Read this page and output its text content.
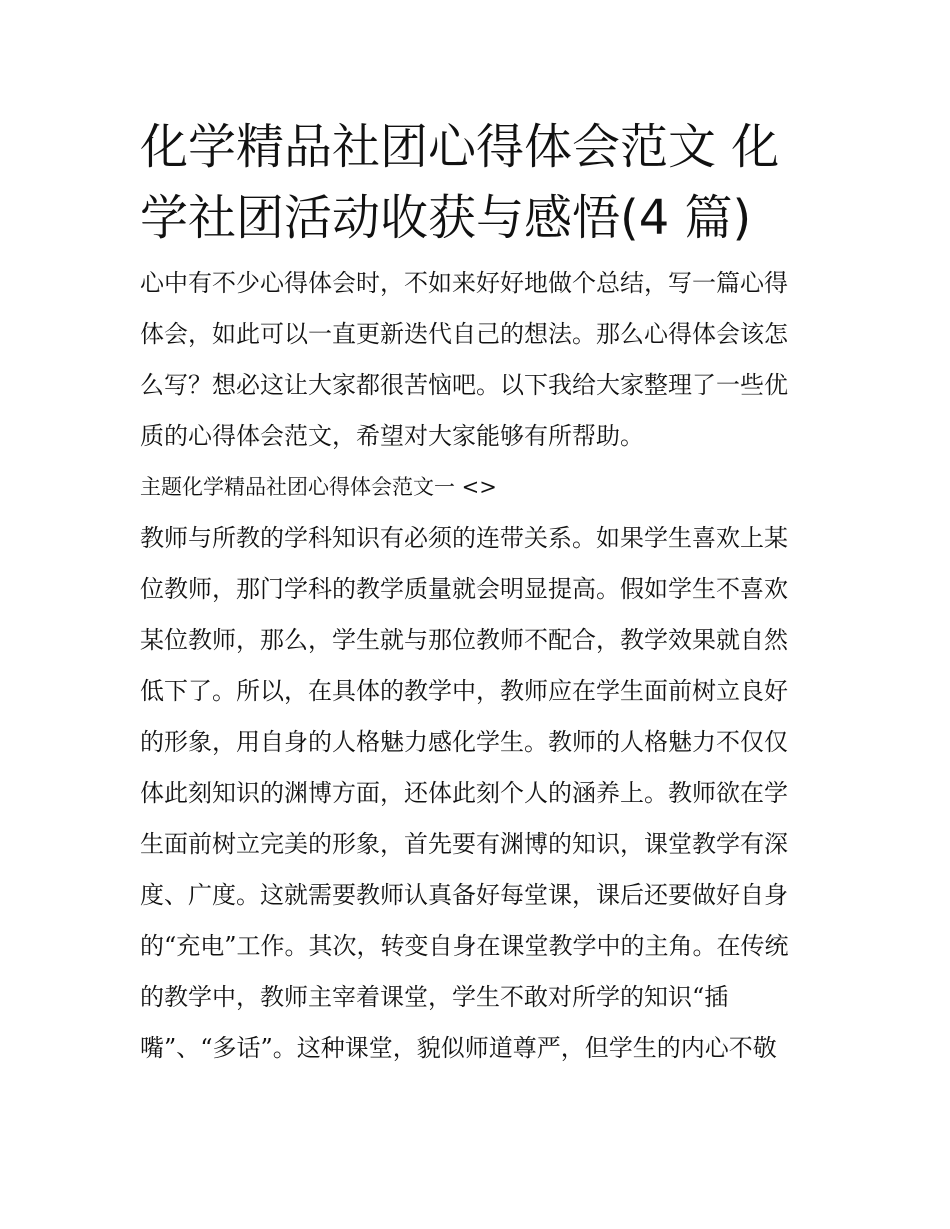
化学精品社团心得体会范文 化
学社团活动收获与感悟(4 篇)
心中有不少心得体会时，不如来好好地做个总结，写一篇心得
体会，如此可以一直更新迭代自己的想法。那么心得体会该怎
么写？想必这让大家都很苦恼吧。以下我给大家整理了一些优
质的心得体会范文，希望对大家能够有所帮助。
主题化学精品社团心得体会范文一 <>
教师与所教的学科知识有必须的连带关系。如果学生喜欢上某
位教师，那门学科的教学质量就会明显提高。假如学生不喜欢
某位教师，那么，学生就与那位教师不配合，教学效果就自然
低下了。所以，在具体的教学中，教师应在学生面前树立良好
的形象，用自身的人格魅力感化学生。教师的人格魅力不仅仅
体此刻知识的渊博方面，还体此刻个人的涵养上。教师欲在学
生面前树立完美的形象，首先要有渊博的知识，课堂教学有深
度、广度。这就需要教师认真备好每堂课，课后还要做好自身
的“充电”工作。其次，转变自身在课堂教学中的主角。在传统
的教学中，教师主宰着课堂，学生不敢对所学的知识“插
嘴”、“多话”。这种课堂，貌似师道尊严，但学生的内心不敬
